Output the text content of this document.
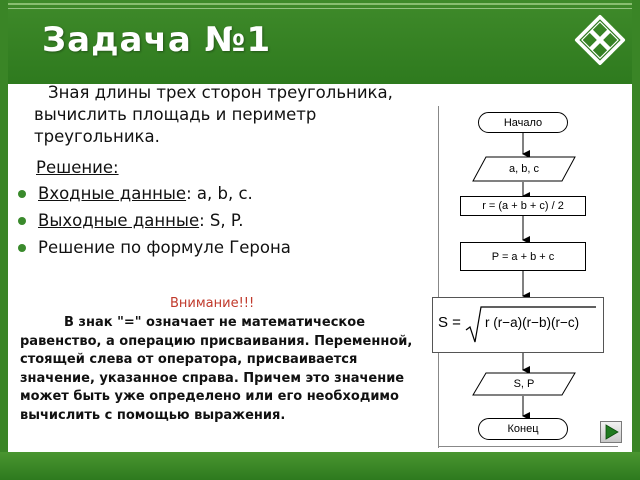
Задача №1
Зная длины трех сторон треугольника, вычислить площадь и периметр треугольника.
Решение:
Входные данные: a, b, c.
Выходные данные: S, P.
Решение по формуле Герона
Внимание!!!
В знак "=" означает не математическое равенство, а операцию присваивания. Переменной, стоящей слева от оператора, присваивается значение, указанное справа. Причем это значение может быть уже определено или его необходимо вычислить с помощью выражения.
Начало
a, b, c
r = (a + b + c) / 2
P = a + b + c
S = r (r−a)(r−b)(r−c)
S, P
Конец
